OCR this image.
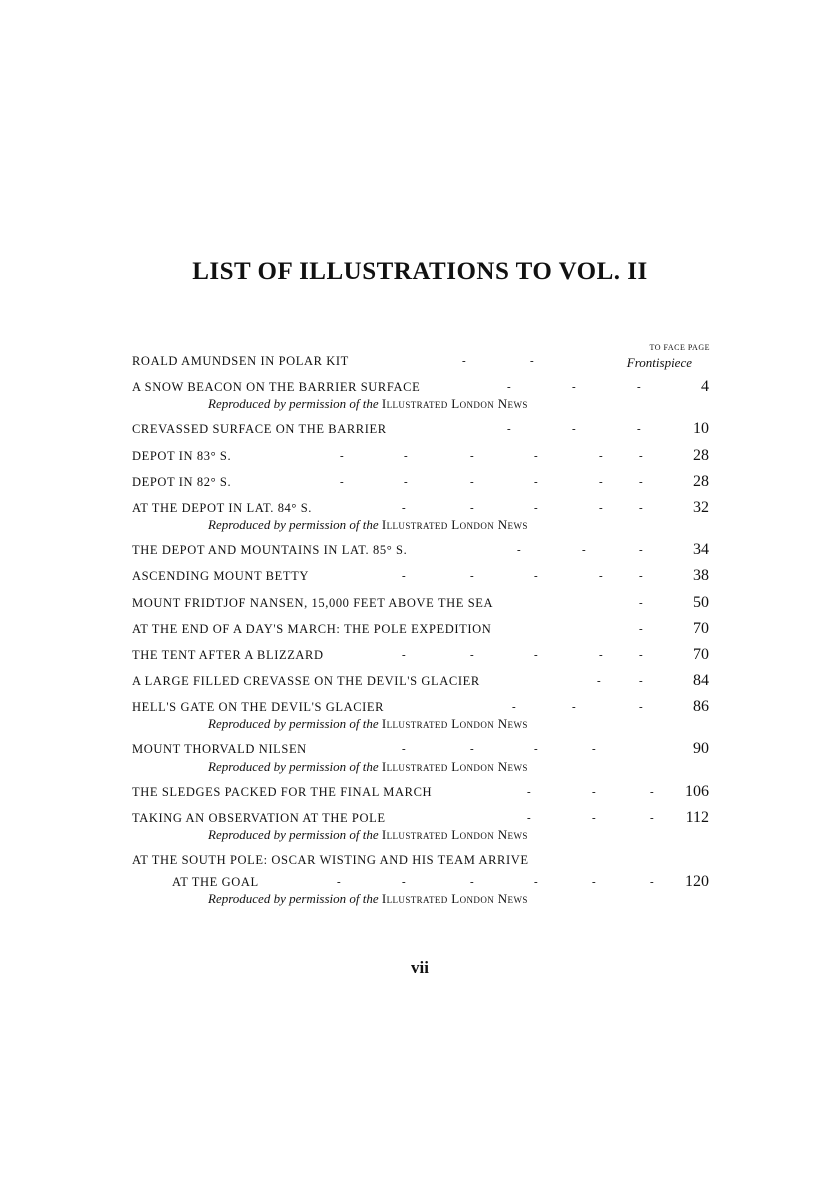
LIST OF ILLUSTRATIONS TO VOL. II
TO FACE PAGE
ROALD AMUNDSEN IN POLAR KIT	-	-	Frontispiece
A SNOW BEACON ON THE BARRIER SURFACE	-	-	-	4
Reproduced by permission of the Illustrated London News
CREVASSED SURFACE ON THE BARRIER	-	-	-	10
DEPOT IN 83° S.	-	-	-	-	-	-	28
DEPOT IN 82° S.	-	-	-	-	-	-	28
AT THE DEPOT IN LAT. 84° S.	-	-	-	-	-	32
Reproduced by permission of the Illustrated London News
THE DEPOT AND MOUNTAINS IN LAT. 85° S.	-	-	-	34
ASCENDING MOUNT BETTY	-	-	-	-	-	38
MOUNT FRIDTJOF NANSEN, 15,000 FEET ABOVE THE SEA	-	50
AT THE END OF A DAY'S MARCH: THE POLE EXPEDITION	-	70
THE TENT AFTER A BLIZZARD	-	-	-	-	-	70
A LARGE FILLED CREVASSE ON THE DEVIL'S GLACIER	-	-	84
HELL'S GATE ON THE DEVIL'S GLACIER	-	-	-	86
Reproduced by permission of the Illustrated London News
MOUNT THORVALD NILSEN	-	-	-	-	90
Reproduced by permission of the Illustrated London News
THE SLEDGES PACKED FOR THE FINAL MARCH	-	-	- 106
TAKING AN OBSERVATION AT THE POLE	-	-	- 112
Reproduced by permission of the Illustrated London News
AT THE SOUTH POLE: OSCAR WISTING AND HIS TEAM ARRIVE
AT THE GOAL	-	-	-	-	-	- 120
Reproduced by permission of the Illustrated London News
vii
